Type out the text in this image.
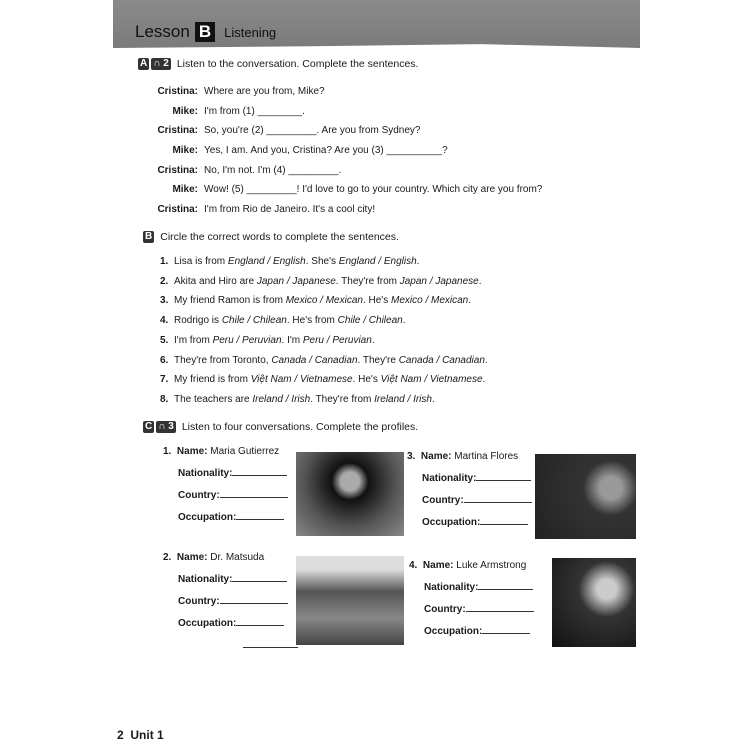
Lesson B	Listening
A ∩ 2 Listen to the conversation. Complete the sentences.
Cristina: Where are you from, Mike?
Mike: I'm from (1) ________.
Cristina: So, you're (2) _________. Are you from Sydney?
Mike: Yes, I am. And you, Cristina? Are you (3) __________?
Cristina: No, I'm not. I'm (4) _________.
Mike: Wow! (5) _________! I'd love to go to your country. Which city are you from?
Cristina: I'm from Rio de Janeiro. It's a cool city!
B Circle the correct words to complete the sentences.
1. Lisa is from England / English. She's England / English.
2. Akita and Hiro are Japan / Japanese. They're from Japan / Japanese.
3. My friend Ramon is from Mexico / Mexican. He's Mexico / Mexican.
4. Rodrigo is Chile / Chilean. He's from Chile / Chilean.
5. I'm from Peru / Peruvian. I'm Peru / Peruvian.
6. They're from Toronto, Canada / Canadian. They're Canada / Canadian.
7. My friend is from Việt Nam / Vietnamese. He's Việt Nam / Vietnamese.
8. The teachers are Ireland / Irish. They're from Ireland / Irish.
C ∩ 3 Listen to four conversations. Complete the profiles.
1. Name: Maria Gutierrez
Nationality:
Country:
Occupation:
2. Name: Dr. Matsuda
Nationality:
Country:
Occupation:
3. Name: Martina Flores
Nationality:
Country:
Occupation:
4. Name: Luke Armstrong
Nationality:
Country:
Occupation:
2 Unit 1
